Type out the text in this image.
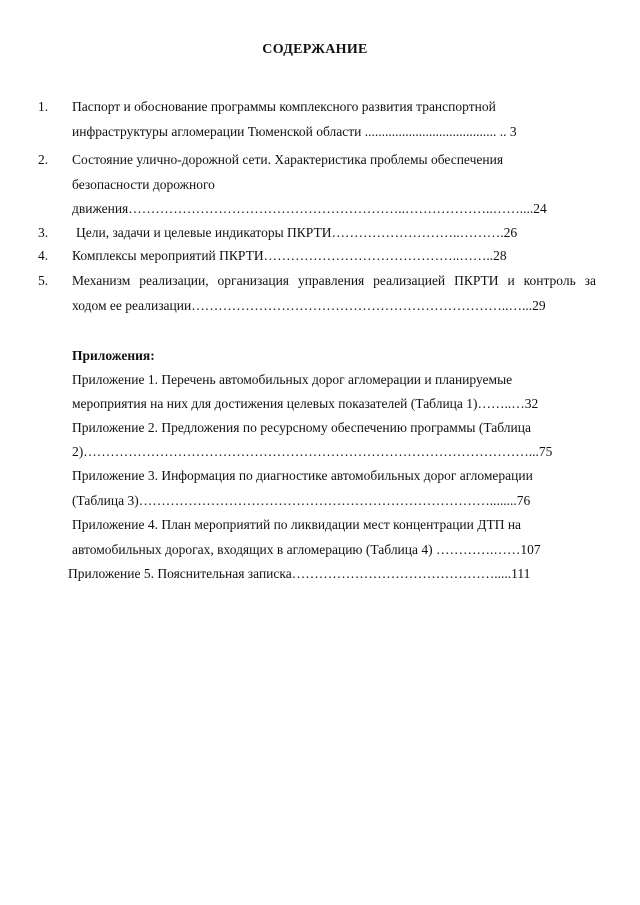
СОДЕРЖАНИЕ
1. Паспорт и обоснование программы комплексного развития транспортной
инфраструктуры агломерации Тюменской области ....................................... .. 3
2. Состояние улично-дорожной сети. Характеристика проблемы обеспечения
безопасности дорожного
движения……………………………………………………..………………..……....24
3. Цели, задачи и целевые индикаторы ПКРТИ………………………..……….26
4. Комплексы мероприятий ПКРТИ……………………………………..……..28
5. Механизм реализации, организация управления реализацией ПКРТИ и контроль за
ходом ее реализации……………………………………………………………..…...29
Приложения:
Приложение 1. Перечень автомобильных дорог агломерации и планируемые
мероприятия на них для достижения целевых показателей (Таблица 1)……..…32
Приложение 2. Предложения по ресурсному обеспечению программы (Таблица
2)………………………………………………………………………………………...75
Приложение 3. Информация по диагностике автомобильных дорог агломерации
(Таблица 3)……………………………………………………………………........76
Приложение 4. План мероприятий по ликвидации мест концентрации ДТП на
автомобильных дорогах, входящих в агломерацию (Таблица 4) ………….……107
Приложение 5. Пояснительная записка……………………………………….....111
